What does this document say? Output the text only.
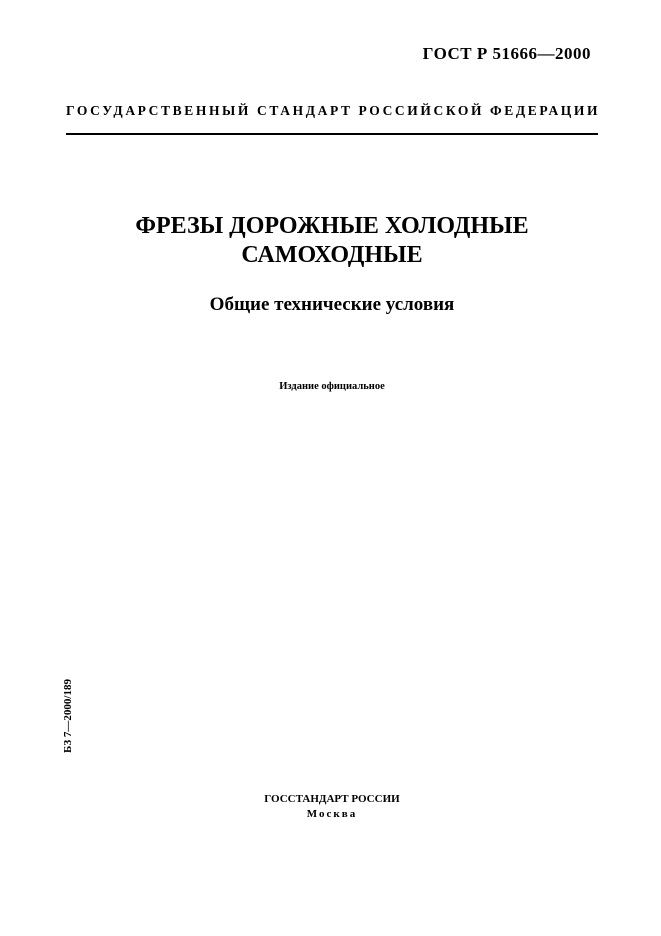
ГОСТ Р 51666—2000
ГОСУДАРСТВЕННЫЙ СТАНДАРТ РОССИЙСКОЙ ФЕДЕРАЦИИ
ФРЕЗЫ ДОРОЖНЫЕ ХОЛОДНЫЕ
САМОХОДНЫЕ
Общие технические условия
Издание официальное
БЗ 7—2000/189
ГОССТАНДАРТ РОССИИ
Москва
